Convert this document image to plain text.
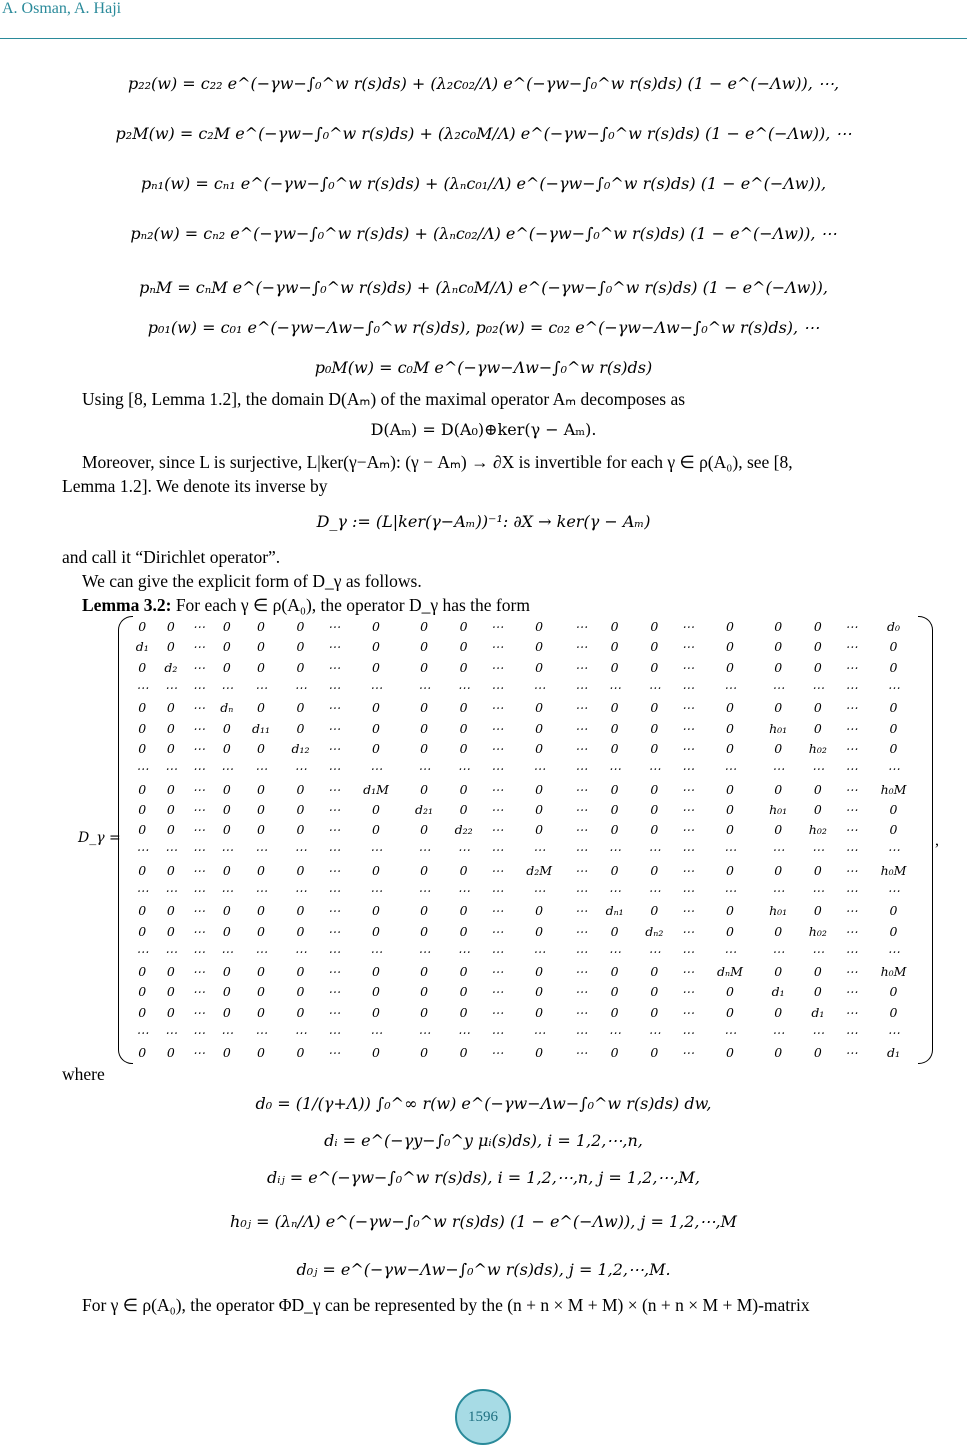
A. Osman, A. Haji
p₂₂(w) = c₂₂ e^(−γw−∫₀^w r(s)ds) + (λ₂c₀₂/Λ) e^(−γw−∫₀^w r(s)ds) (1 − e^(−Λw)), ⋯,
p₂M(w) = c₂M e^(−γw−∫₀^w r(s)ds) + (λ₂c₀M/Λ) e^(−γw−∫₀^w r(s)ds) (1 − e^(−Λw)), ⋯
pₙ₁(w) = cₙ₁ e^(−γw−∫₀^w r(s)ds) + (λₙc₀₁/Λ) e^(−γw−∫₀^w r(s)ds) (1 − e^(−Λw)),
pₙ₂(w) = cₙ₂ e^(−γw−∫₀^w r(s)ds) + (λₙc₀₂/Λ) e^(−γw−∫₀^w r(s)ds) (1 − e^(−Λw)), ⋯
pₙM = cₙM e^(−γw−∫₀^w r(s)ds) + (λₙc₀M/Λ) e^(−γw−∫₀^w r(s)ds) (1 − e^(−Λw)),
p₀₁(w) = c₀₁ e^(−γw−Λw−∫₀^w r(s)ds), p₀₂(w) = c₀₂ e^(−γw−Λw−∫₀^w r(s)ds), ⋯
p₀M(w) = c₀M e^(−γw−Λw−∫₀^w r(s)ds)
Using [8, Lemma 1.2], the domain D(Aₘ) of the maximal operator Aₘ decomposes as
D(Aₘ) = D(A₀)⊕ker(γ − Aₘ).
Moreover, since L is surjective, L|ker(γ−Aₘ): (γ − Aₘ) → ∂X is invertible for each γ ∈ ρ(A₀), see [8,
Lemma 1.2]. We denote its inverse by
D_γ := (L|ker(γ−Aₘ))⁻¹: ∂X → ker(γ − Aₘ)
and call it “Dirichlet operator”.
We can give the explicit form of D_γ as follows.
Lemma 3.2: For each γ ∈ ρ(A₀), the operator D_γ has the form
D_γ =
0	0	⋯	0	0	0	⋯	0	0	0	⋯	0	⋯	0	0	⋯	0	0	0	⋯	d₀
d₁	0	⋯	0	0	0	⋯	0	0	0	⋯	0	⋯	0	0	⋯	0	0	0	⋯	0
0	d₂	⋯	0	0	0	⋯	0	0	0	⋯	0	⋯	0	0	⋯	0	0	0	⋯	0
⋯	⋯	⋯	⋯	⋯	⋯	⋯	⋯	⋯	⋯	⋯	⋯	⋯	⋯	⋯	⋯	⋯	⋯	⋯	⋯	⋯
0	0	⋯	dₙ	0	0	⋯	0	0	0	⋯	0	⋯	0	0	⋯	0	0	0	⋯	0
0	0	⋯	0	d₁₁	0	⋯	0	0	0	⋯	0	⋯	0	0	⋯	0	h₀₁	0	⋯	0
0	0	⋯	0	0	d₁₂	⋯	0	0	0	⋯	0	⋯	0	0	⋯	0	0	h₀₂	⋯	0
⋯	⋯	⋯	⋯	⋯	⋯	⋯	⋯	⋯	⋯	⋯	⋯	⋯	⋯	⋯	⋯	⋯	⋯	⋯	⋯	⋯
0	0	⋯	0	0	0	⋯	d₁M	0	0	⋯	0	⋯	0	0	⋯	0	0	0	⋯	h₀M
0	0	⋯	0	0	0	⋯	0	d₂₁	0	⋯	0	⋯	0	0	⋯	0	h₀₁	0	⋯	0
0	0	⋯	0	0	0	⋯	0	0	d₂₂	⋯	0	⋯	0	0	⋯	0	0	h₀₂	⋯	0
⋯	⋯	⋯	⋯	⋯	⋯	⋯	⋯	⋯	⋯	⋯	⋯	⋯	⋯	⋯	⋯	⋯	⋯	⋯	⋯	⋯
0	0	⋯	0	0	0	⋯	0	0	0	⋯	d₂M	⋯	0	0	⋯	0	0	0	⋯	h₀M
⋯	⋯	⋯	⋯	⋯	⋯	⋯	⋯	⋯	⋯	⋯	⋯	⋯	⋯	⋯	⋯	⋯	⋯	⋯	⋯	⋯
0	0	⋯	0	0	0	⋯	0	0	0	⋯	0	⋯	dₙ₁	0	⋯	0	h₀₁	0	⋯	0
0	0	⋯	0	0	0	⋯	0	0	0	⋯	0	⋯	0	dₙ₂	⋯	0	0	h₀₂	⋯	0
⋯	⋯	⋯	⋯	⋯	⋯	⋯	⋯	⋯	⋯	⋯	⋯	⋯	⋯	⋯	⋯	⋯	⋯	⋯	⋯	⋯
0	0	⋯	0	0	0	⋯	0	0	0	⋯	0	⋯	0	0	⋯	dₙM	0	0	⋯	h₀M
0	0	⋯	0	0	0	⋯	0	0	0	⋯	0	⋯	0	0	⋯	0	d₁	0	⋯	0
0	0	⋯	0	0	0	⋯	0	0	0	⋯	0	⋯	0	0	⋯	0	0	d₁	⋯	0
⋯	⋯	⋯	⋯	⋯	⋯	⋯	⋯	⋯	⋯	⋯	⋯	⋯	⋯	⋯	⋯	⋯	⋯	⋯	⋯	⋯
0	0	⋯	0	0	0	⋯	0	0	0	⋯	0	⋯	0	0	⋯	0	0	0	⋯	d₁
,
where
d₀ = (1/(γ+Λ)) ∫₀^∞ r(w) e^(−γw−Λw−∫₀^w r(s)ds) dw,
dᵢ = e^(−γy−∫₀^y μᵢ(s)ds), i = 1,2,⋯,n,
dᵢⱼ = e^(−γw−∫₀^w r(s)ds), i = 1,2,⋯,n, j = 1,2,⋯,M,
h₀ⱼ = (λₙ/Λ) e^(−γw−∫₀^w r(s)ds) (1 − e^(−Λw)), j = 1,2,⋯,M
d₀ⱼ = e^(−γw−Λw−∫₀^w r(s)ds), j = 1,2,⋯,M.
For γ ∈ ρ(A₀), the operator ΦD_γ can be represented by the (n + n × M + M) × (n + n × M + M)-matrix
1596
